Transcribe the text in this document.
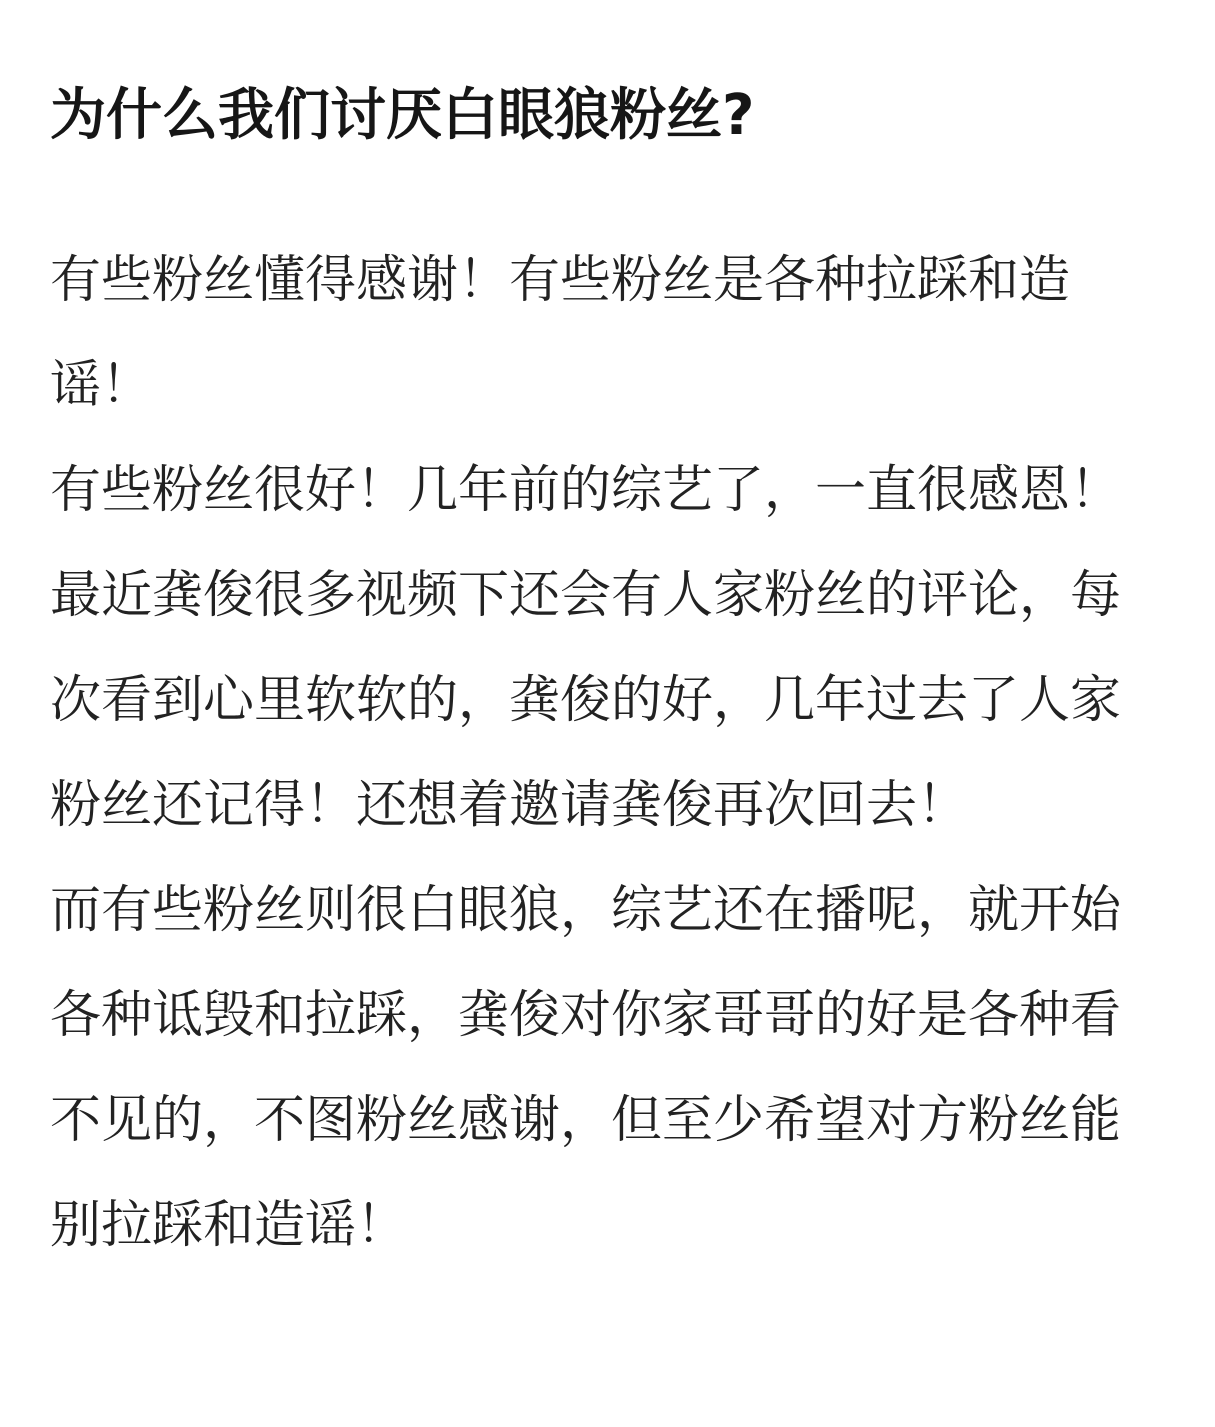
为什么我们讨厌白眼狼粉丝?

有些粉丝懂得感谢！有些粉丝是各种拉踩和造谣！

有些粉丝很好！几年前的综艺了，一直很感恩！最近龚俊很多视频下还会有人家粉丝的评论，每次看到心里软软的，龚俊的好，几年过去了人家粉丝还记得！还想着邀请龚俊再次回去！

而有些粉丝则很白眼狼，综艺还在播呢，就开始各种诋毁和拉踩，龚俊对你家哥哥的好是各种看不见的，不图粉丝感谢，但至少希望对方粉丝能别拉踩和造谣！
